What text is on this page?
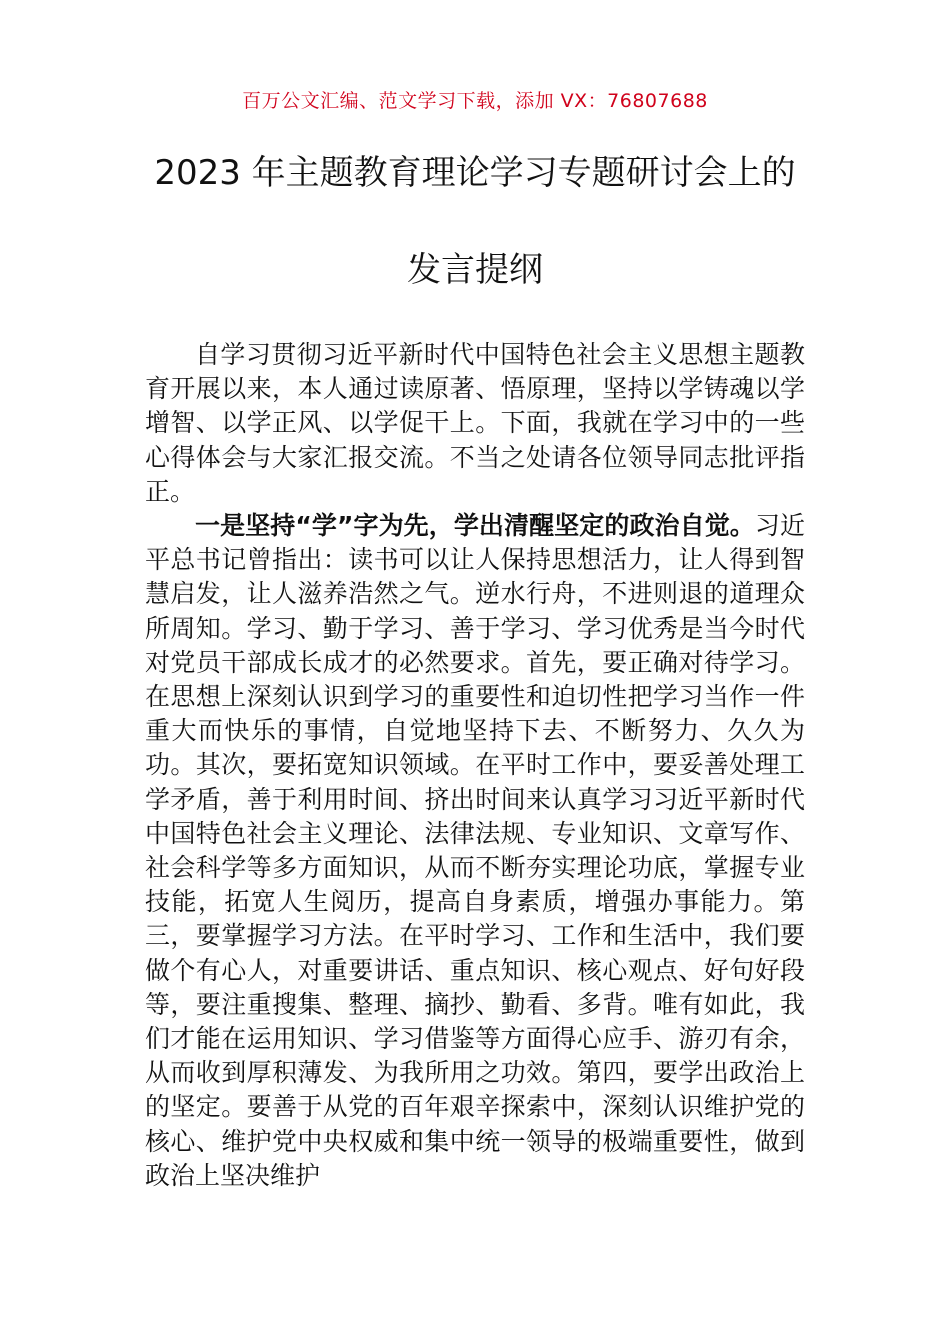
百万公文汇编、范文学习下载，添加 VX：76807688
2023 年主题教育理论学习专题研讨会上的
发言提纲

自学习贯彻习近平新时代中国特色社会主义思想主题教育开展以来，本人通过读原著、悟原理，坚持以学铸魂以学增智、以学正风、以学促干上。下面，我就在学习中的一些心得体会与大家汇报交流。不当之处请各位领导同志批评指正。

一是坚持“学”字为先，学出清醒坚定的政治自觉。习近平总书记曾指出：读书可以让人保持思想活力，让人得到智慧启发，让人滋养浩然之气。逆水行舟，不进则退的道理众所周知。学习、勤于学习、善于学习、学习优秀是当今时代对党员干部成长成才的必然要求。首先，要正确对待学习。在思想上深刻认识到学习的重要性和迫切性把学习当作一件重大而快乐的事情，自觉地坚持下去、不断努力、久久为功。其次，要拓宽知识领域。在平时工作中，要妥善处理工学矛盾，善于利用时间、挤出时间来认真学习习近平新时代中国特色社会主义理论、法律法规、专业知识、文章写作、社会科学等多方面知识，从而不断夯实理论功底，掌握专业技能，拓宽人生阅历，提高自身素质，增强办事能力。第三，要掌握学习方法。在平时学习、工作和生活中，我们要做个有心人，对重要讲话、重点知识、核心观点、好句好段等，要注重搜集、整理、摘抄、勤看、多背。唯有如此，我们才能在运用知识、学习借鉴等方面得心应手、游刃有余，从而收到厚积薄发、为我所用之功效。第四，要学出政治上的坚定。要善于从党的百年艰辛探索中，深刻认识维护党的核心、维护党中央权威和集中统一领导的极端重要性，做到政治上坚决维护
